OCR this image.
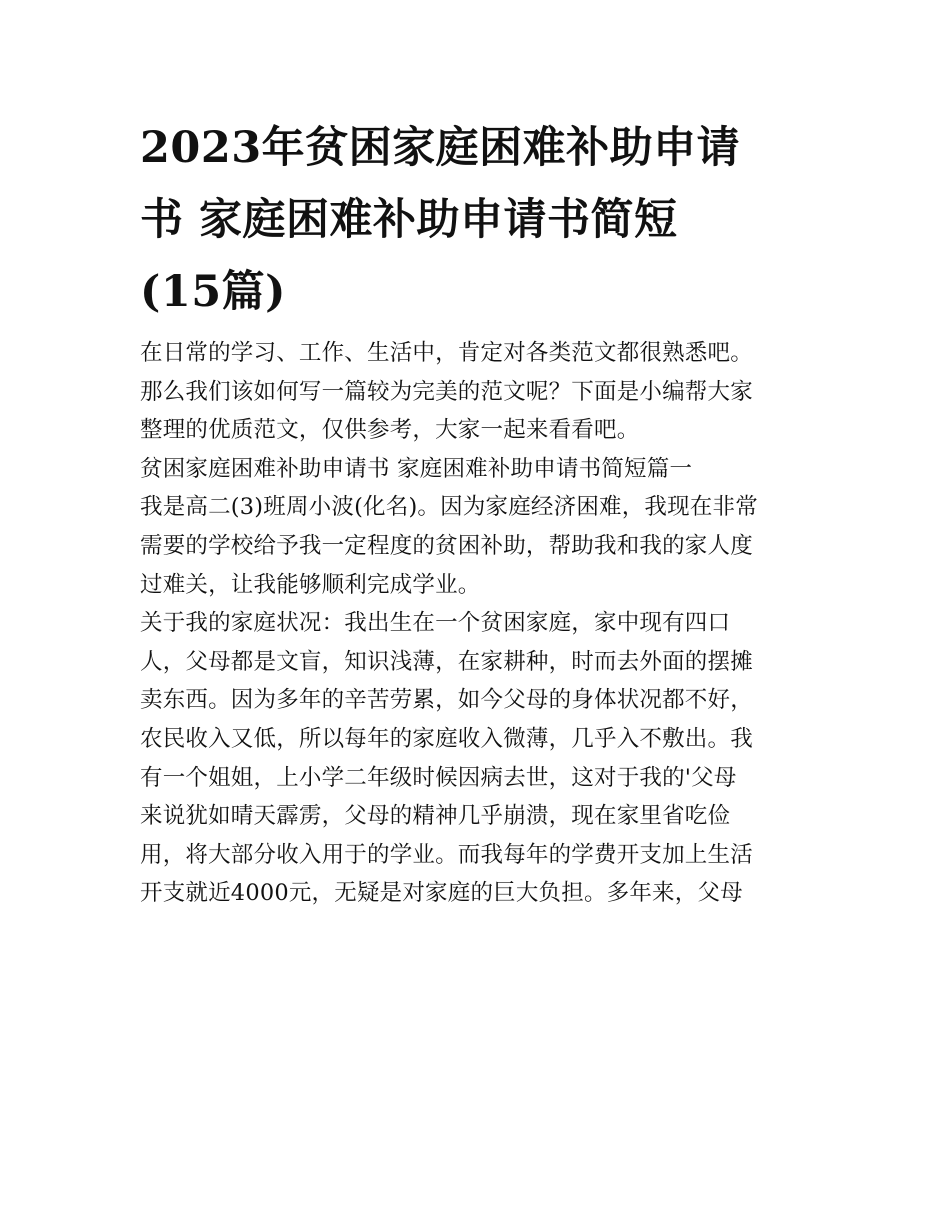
2023年贫困家庭困难补助申请
书 家庭困难补助申请书简短
(15篇)

在日常的学习、工作、生活中，肯定对各类范文都很熟悉吧。
那么我们该如何写一篇较为完美的范文呢？下面是小编帮大家
整理的优质范文，仅供参考，大家一起来看看吧。

贫困家庭困难补助申请书 家庭困难补助申请书简短篇一

我是高二(3)班周小波(化名)。因为家庭经济困难，我现在非常
需要的学校给予我一定程度的贫困补助，帮助我和我的家人度
过难关，让我能够顺利完成学业。

关于我的家庭状况：我出生在一个贫困家庭，家中现有四口
人，父母都是文盲，知识浅薄，在家耕种，时而去外面的摆摊
卖东西。因为多年的辛苦劳累，如今父母的身体状况都不好，
农民收入又低，所以每年的家庭收入微薄，几乎入不敷出。我
有一个姐姐，上小学二年级时候因病去世，这对于我的'父母
来说犹如晴天霹雳，父母的精神几乎崩溃，现在家里省吃俭
用，将大部分收入用于的学业。而我每年的学费开支加上生活
开支就近4000元，无疑是对家庭的巨大负担。多年来，父母
